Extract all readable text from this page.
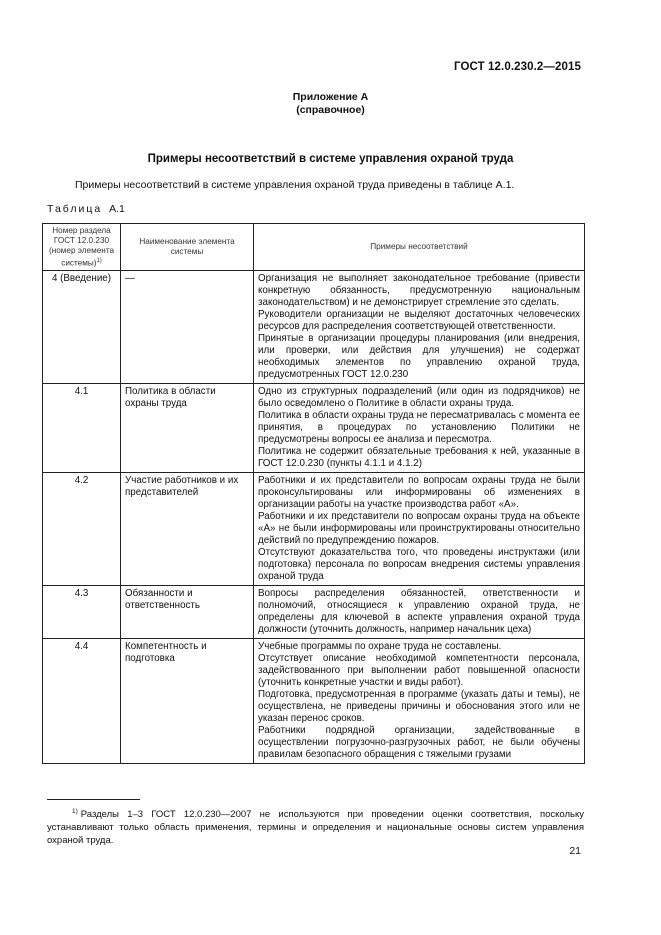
ГОСТ 12.0.230.2—2015
Приложение А
(справочное)
Примеры несоответствий в системе управления охраной труда
Примеры несоответствий в системе управления охраной труда приведены в таблице А.1.
Таблица А.1
Номер раздела ГОСТ 12.0.230 (номер элемента системы)$^{1)}$	Наименование элемента системы	Примеры несоответствий
4 (Введение)	—	Организация не выполняет законодательное требование (привести конкретную обязанность, предусмотренную национальным законодательством) и не демонстрирует стремление это сделать.
Руководители организации не выделяют достаточных человеческих ресурсов для распределения соответствующей ответственности.
Принятые в организации процедуры планирования (или внедрения, или проверки, или действия для улучшения) не содержат необходимых элементов по управлению охраной труда, предусмотренных ГОСТ 12.0.230

4.1	Политика в области охраны труда	Одно из структурных подразделений (или один из подрядчиков) не было осведомлено о Политике в области охраны труда.
Политика в области охраны труда не пересматривалась с момента ее принятия, в процедурах по установлению Политики не предусмотрены вопросы ее анализа и пересмотра.
Политика не содержит обязательные требования к ней, указанные в ГОСТ 12.0.230 (пункты 4.1.1 и 4.1.2)

4.2	Участие работников и их представителей	Работники и их представители по вопросам охраны труда не были проконсультированы или информированы об изменениях в организации работы на участке производства работ «А».
Работники и их представители по вопросам охраны труда на объекте «А» не были информированы или проинструктированы относительно действий по предупреждению пожаров.
Отсутствуют доказательства того, что проведены инструктажи (или подготовка) персонала по вопросам внедрения системы управления охраной труда

4.3	Обязанности и ответственность	Вопросы распределения обязанностей, ответственности и полномочий, относящиеся к управлению охраной труда, не определены для ключевой в аспекте управления охраной труда должности (уточнить должность, например начальник цеха)

4.4	Компетентность и подготовка	Учебные программы по охране труда не составлены.
Отсутствует описание необходимой компетентности персонала, задействованного при выполнении работ повышенной опасности (уточнить конкретные участки и виды работ).
Подготовка, предусмотренная в программе (указать даты и темы), не осуществлена, не приведены причины и обоснования этого или не указан перенос сроков.
Работники подрядной организации, задействованные в осуществлении погрузочно-разгрузочных работ, не были обучены правилам безопасного обращения с тяжелыми грузами
$^{1)}$ Разделы 1–3 ГОСТ 12.0.230—2007 не используются при проведении оценки соответствия, поскольку устанавливают только область применения, термины и определения и национальные основы систем управления охраной труда.
21
